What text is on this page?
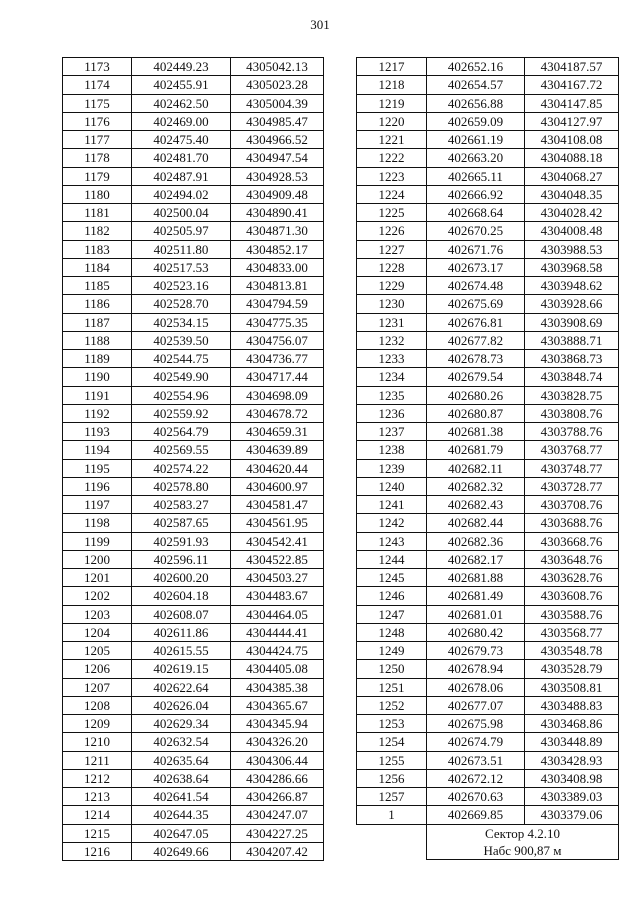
301
1173	402449.23	4305042.13
1174	402455.91	4305023.28
1175	402462.50	4305004.39
1176	402469.00	4304985.47
1177	402475.40	4304966.52
1178	402481.70	4304947.54
1179	402487.91	4304928.53
1180	402494.02	4304909.48
1181	402500.04	4304890.41
1182	402505.97	4304871.30
1183	402511.80	4304852.17
1184	402517.53	4304833.00
1185	402523.16	4304813.81
1186	402528.70	4304794.59
1187	402534.15	4304775.35
1188	402539.50	4304756.07
1189	402544.75	4304736.77
1190	402549.90	4304717.44
1191	402554.96	4304698.09
1192	402559.92	4304678.72
1193	402564.79	4304659.31
1194	402569.55	4304639.89
1195	402574.22	4304620.44
1196	402578.80	4304600.97
1197	402583.27	4304581.47
1198	402587.65	4304561.95
1199	402591.93	4304542.41
1200	402596.11	4304522.85
1201	402600.20	4304503.27
1202	402604.18	4304483.67
1203	402608.07	4304464.05
1204	402611.86	4304444.41
1205	402615.55	4304424.75
1206	402619.15	4304405.08
1207	402622.64	4304385.38
1208	402626.04	4304365.67
1209	402629.34	4304345.94
1210	402632.54	4304326.20
1211	402635.64	4304306.44
1212	402638.64	4304286.66
1213	402641.54	4304266.87
1214	402644.35	4304247.07
1215	402647.05	4304227.25
1216	402649.66	4304207.42
1217	402652.16	4304187.57
1218	402654.57	4304167.72
1219	402656.88	4304147.85
1220	402659.09	4304127.97
1221	402661.19	4304108.08
1222	402663.20	4304088.18
1223	402665.11	4304068.27
1224	402666.92	4304048.35
1225	402668.64	4304028.42
1226	402670.25	4304008.48
1227	402671.76	4303988.53
1228	402673.17	4303968.58
1229	402674.48	4303948.62
1230	402675.69	4303928.66
1231	402676.81	4303908.69
1232	402677.82	4303888.71
1233	402678.73	4303868.73
1234	402679.54	4303848.74
1235	402680.26	4303828.75
1236	402680.87	4303808.76
1237	402681.38	4303788.76
1238	402681.79	4303768.77
1239	402682.11	4303748.77
1240	402682.32	4303728.77
1241	402682.43	4303708.76
1242	402682.44	4303688.76
1243	402682.36	4303668.76
1244	402682.17	4303648.76
1245	402681.88	4303628.76
1246	402681.49	4303608.76
1247	402681.01	4303588.76
1248	402680.42	4303568.77
1249	402679.73	4303548.78
1250	402678.94	4303528.79
1251	402678.06	4303508.81
1252	402677.07	4303488.83
1253	402675.98	4303468.86
1254	402674.79	4303448.89
1255	402673.51	4303428.93
1256	402672.12	4303408.98
1257	402670.63	4303389.03
1	402669.85	4303379.06

	Сектор 4.2.10
Набс 900,87 м	
